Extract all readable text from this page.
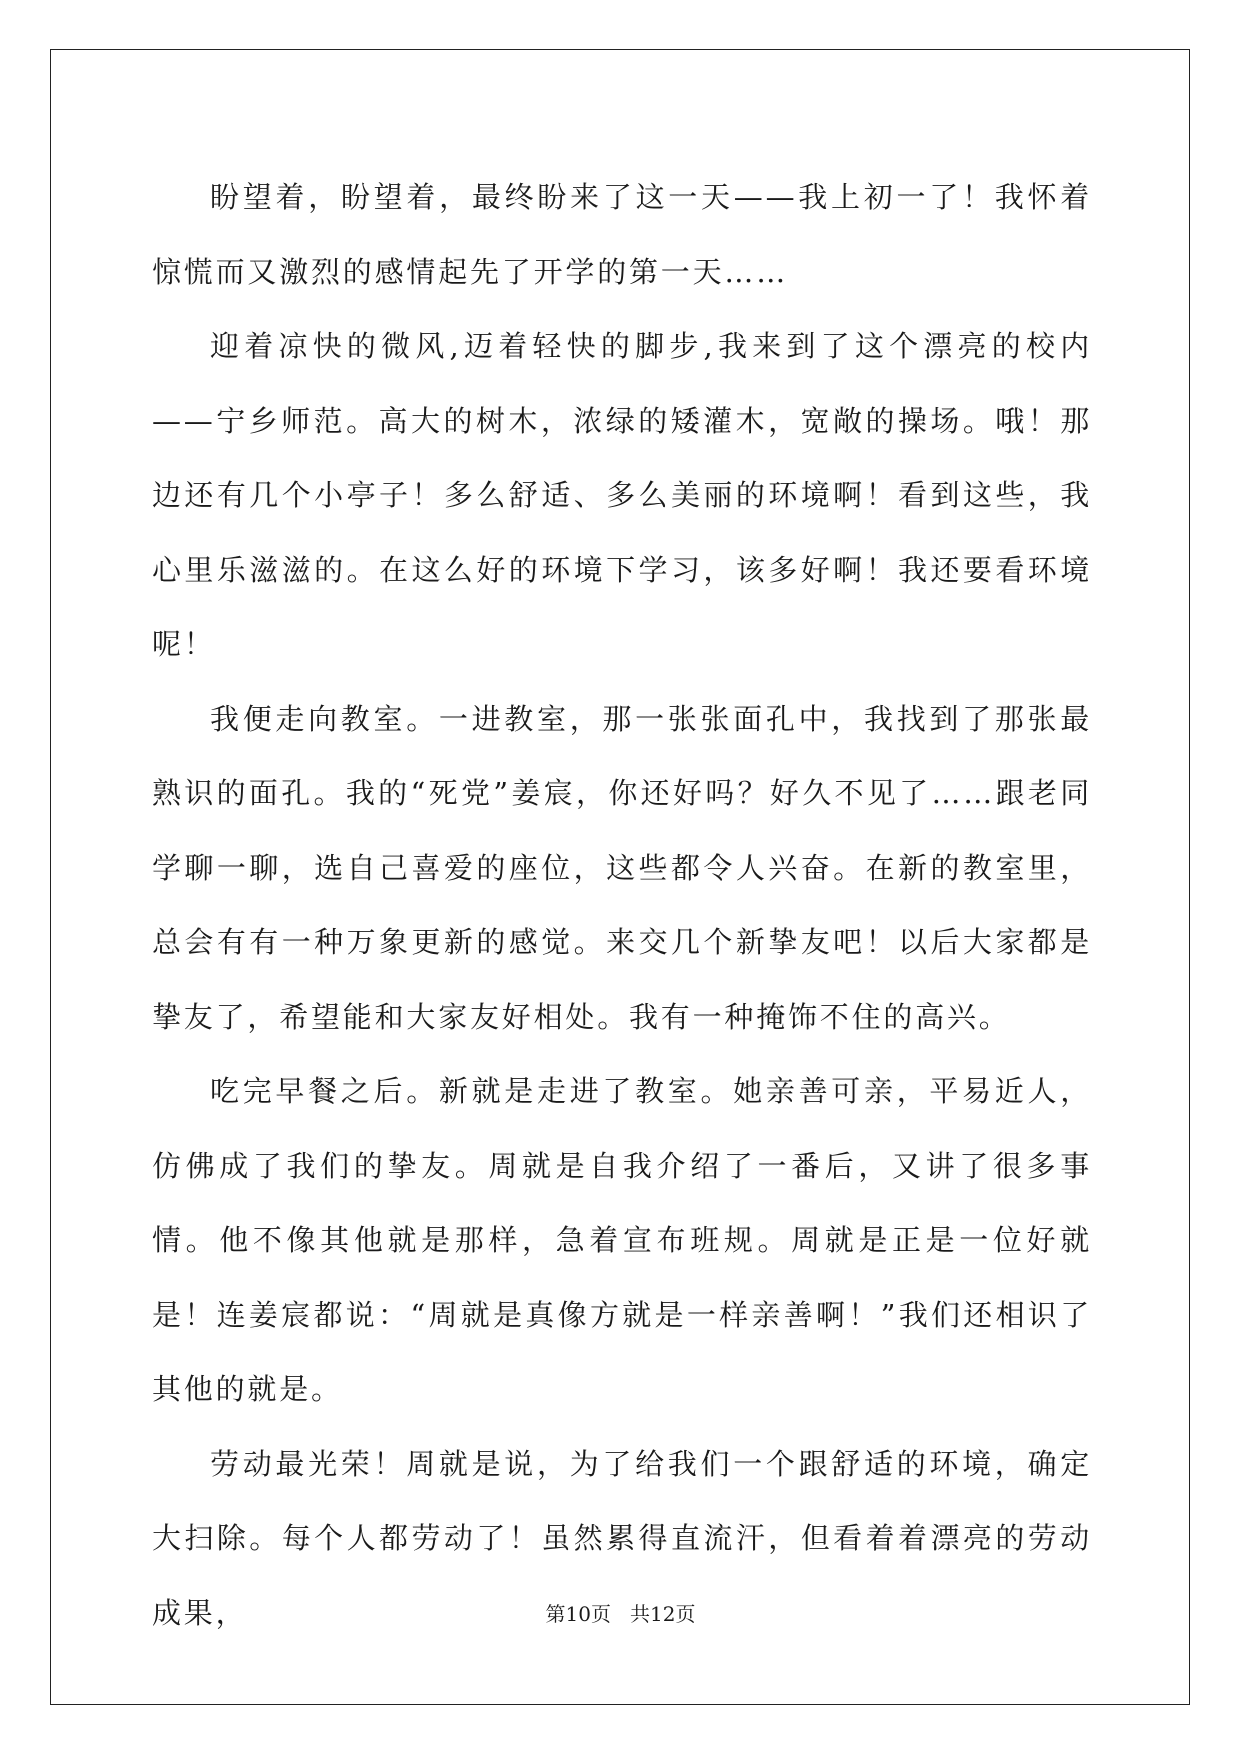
盼望着，盼望着，最终盼来了这一天——我上初一了！我怀着惊慌而又激烈的感情起先了开学的第一天……

迎着凉快的微风,迈着轻快的脚步,我来到了这个漂亮的校内——宁乡师范。高大的树木，浓绿的矮灌木，宽敞的操场。哦！那边还有几个小亭子！多么舒适、多么美丽的环境啊！看到这些，我心里乐滋滋的。在这么好的环境下学习，该多好啊！我还要看环境呢！

我便走向教室。一进教室，那一张张面孔中，我找到了那张最熟识的面孔。我的“死党”姜宸，你还好吗？好久不见了……跟老同学聊一聊，选自己喜爱的座位，这些都令人兴奋。在新的教室里，总会有有一种万象更新的感觉。来交几个新挚友吧！以后大家都是挚友了，希望能和大家友好相处。我有一种掩饰不住的高兴。

吃完早餐之后。新就是走进了教室。她亲善可亲，平易近人，仿佛成了我们的挚友。周就是自我介绍了一番后，又讲了很多事情。他不像其他就是那样，急着宣布班规。周就是正是一位好就是！连姜宸都说：“周就是真像方就是一样亲善啊！”我们还相识了其他的就是。

劳动最光荣！周就是说，为了给我们一个跟舒适的环境，确定大扫除。每个人都劳动了！虽然累得直流汗，但看着着漂亮的劳动成果，	第10页 共12页
